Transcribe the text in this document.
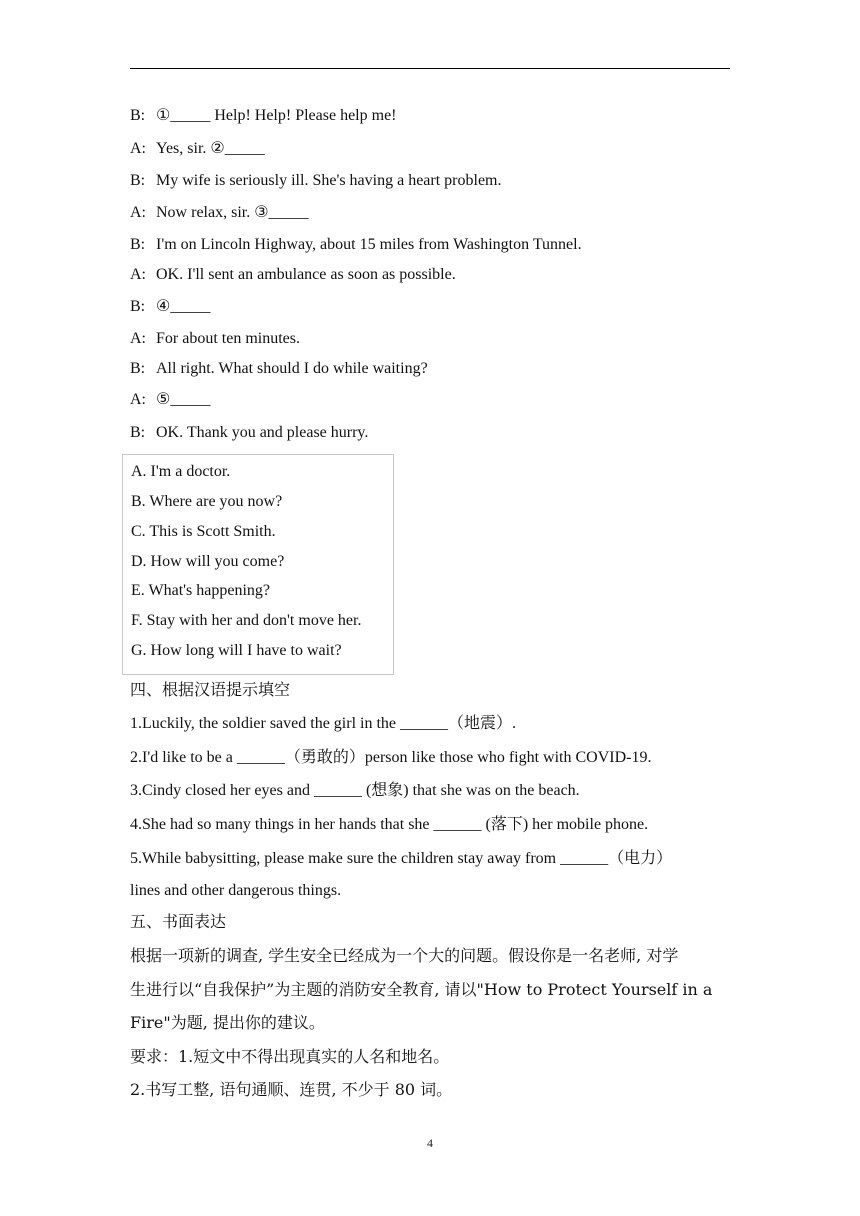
B: ①_____ Help! Help! Please help me!
A: Yes, sir. ②_____
B: My wife is seriously ill. She's having a heart problem.
A: Now relax, sir. ③_____
B: I'm on Lincoln Highway, about 15 miles from Washington Tunnel.
A: OK. I'll sent an ambulance as soon as possible.
B: ④_____
A: For about ten minutes.
B: All right. What should I do while waiting?
A: ⑤_____
B: OK. Thank you and please hurry.
A. I'm a doctor.
B. Where are you now?
C. This is Scott Smith.
D. How will you come?
E. What's happening?
F. Stay with her and don't move her.
G. How long will I have to wait?
四、根据汉语提示填空
1.Luckily, the soldier saved the girl in the ______（地震）.
2.I'd like to be a ______（勇敢的）person like those who fight with COVID-19.
3.Cindy closed her eyes and ______ (想象) that she was on the beach.
4.She had so many things in her hands that she ______ (落下) her mobile phone.
5.While babysitting, please make sure the children stay away from ______（电力）
lines and other dangerous things.
五、书面表达
根据一项新的调查, 学生安全已经成为一个大的问题。假设你是一名老师, 对学
生进行以“自我保护”为主题的消防安全教育, 请以"How to Protect Yourself in a
Fire"为题, 提出你的建议。
要求：1.短文中不得出现真实的人名和地名。
2.书写工整, 语句通顺、连贯, 不少于 80 词。
4
